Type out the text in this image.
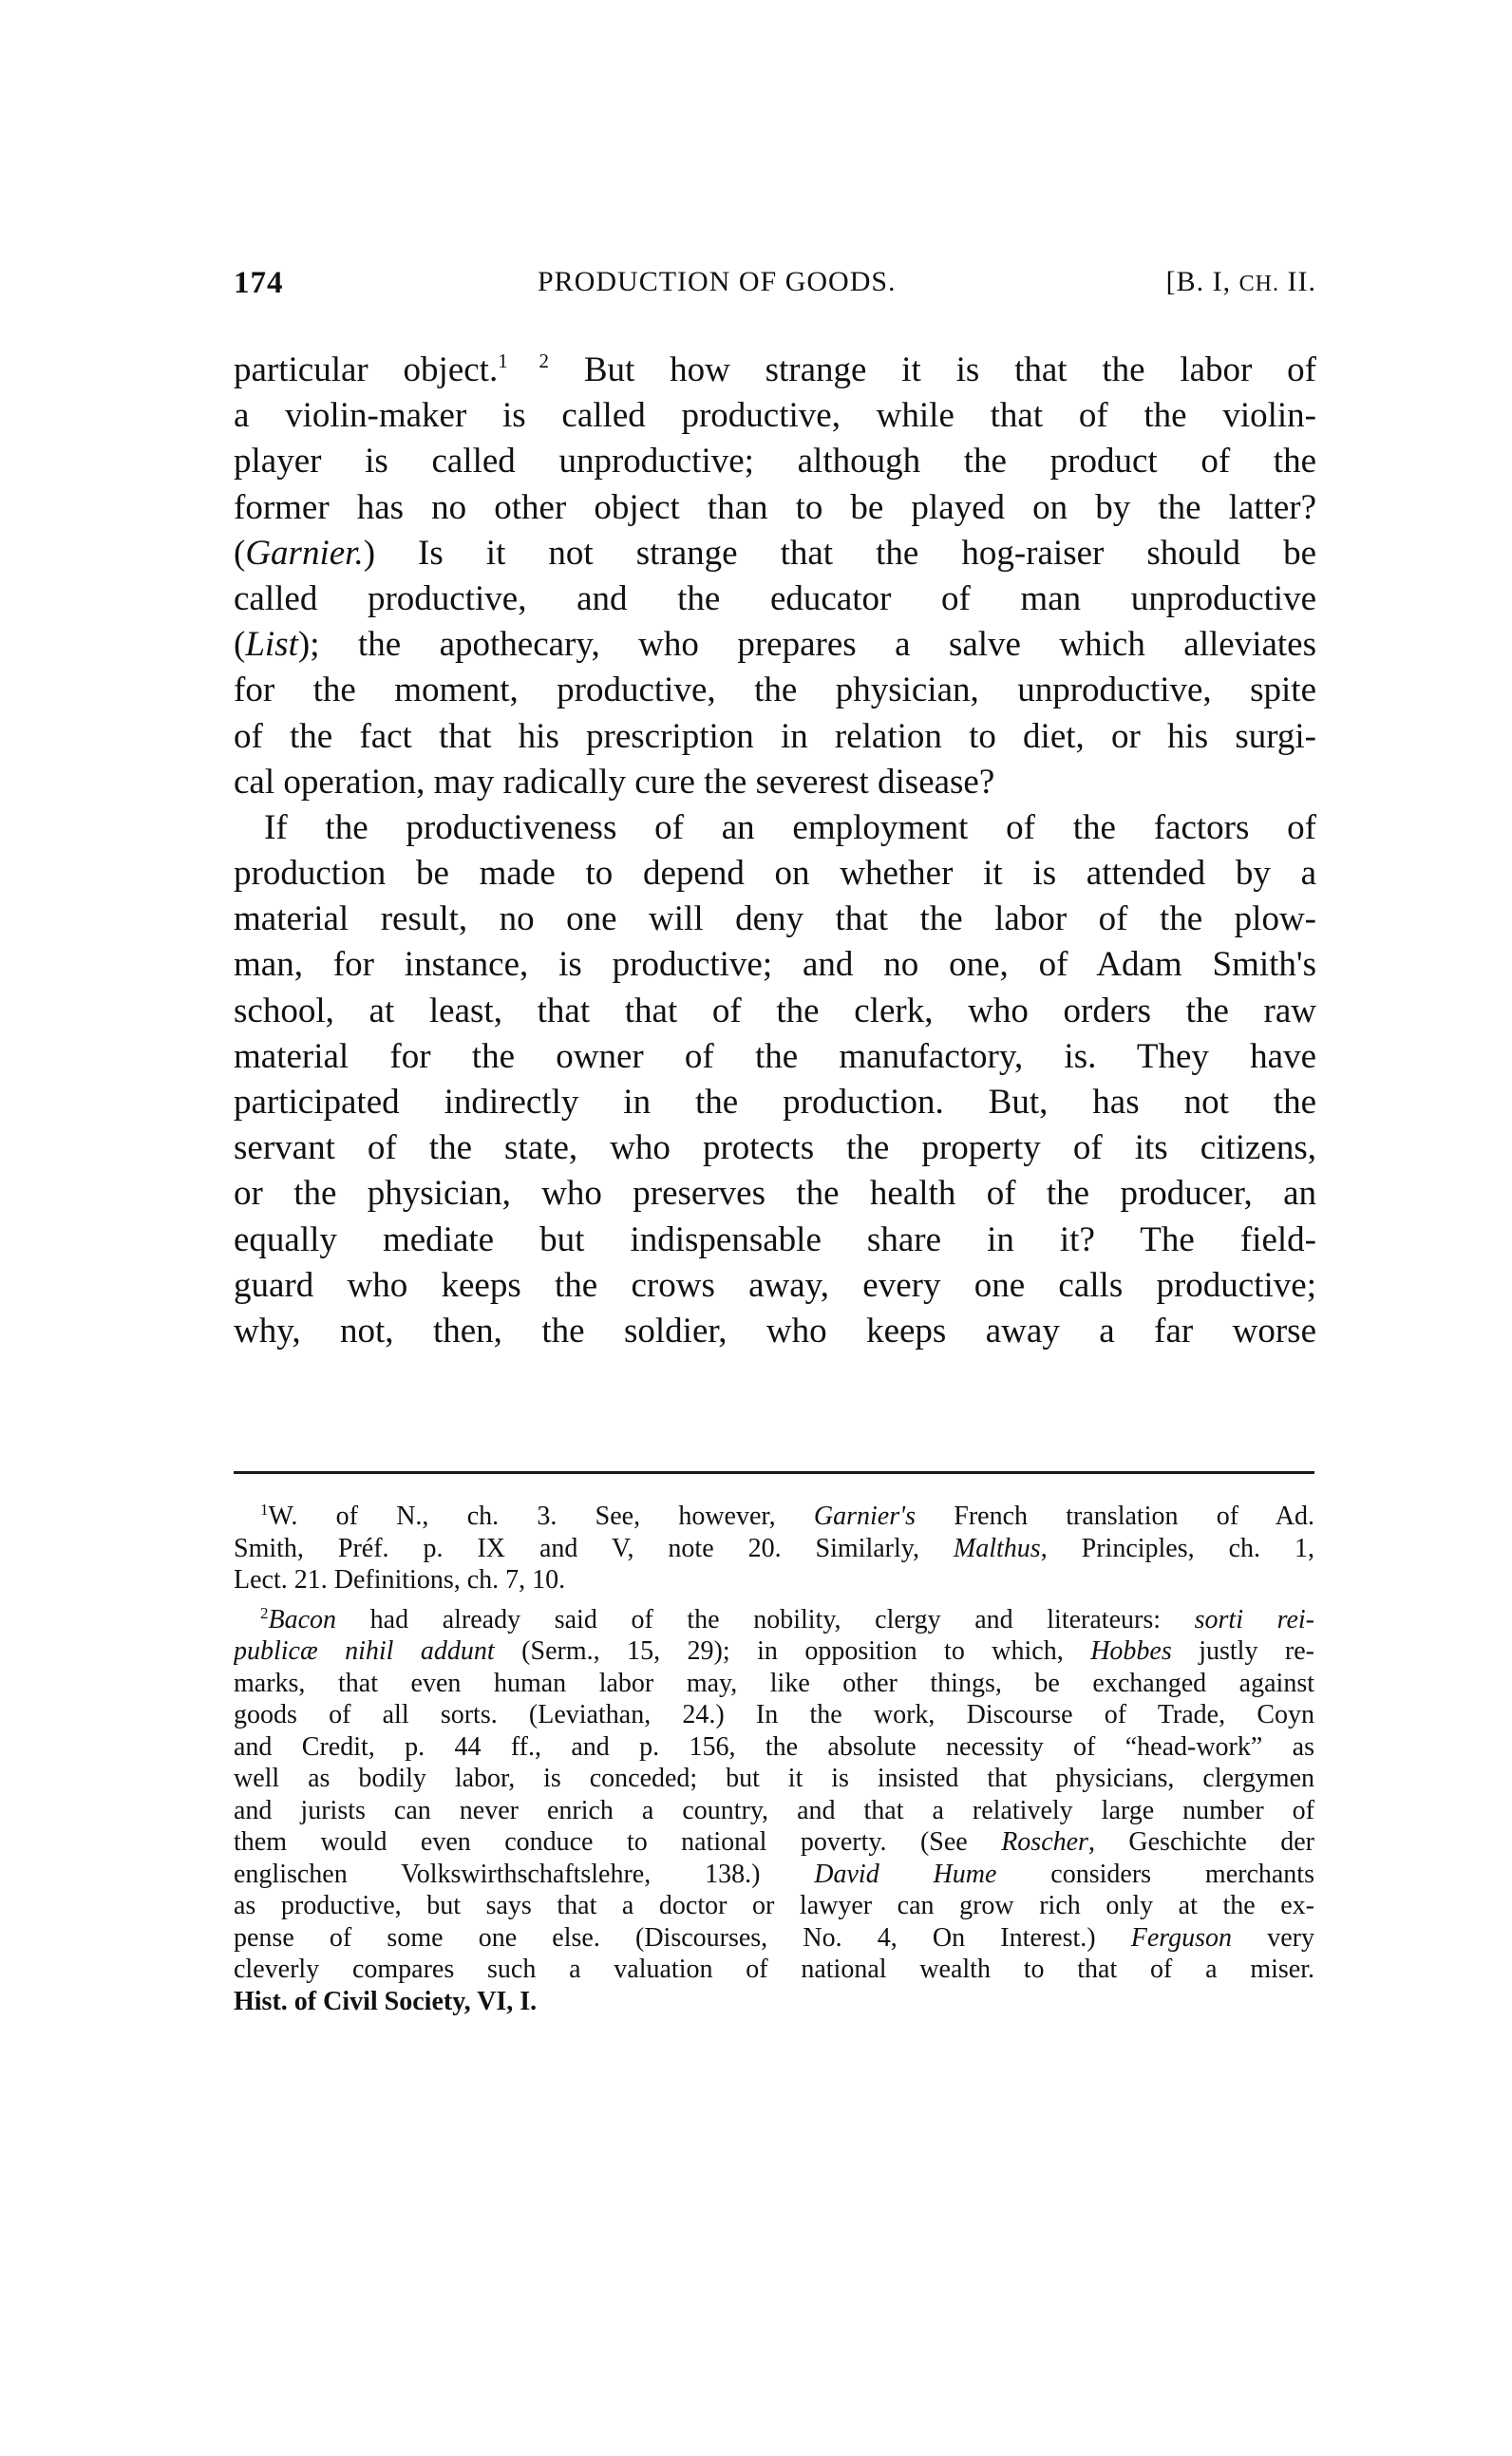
174	PRODUCTION OF GOODS.	[B. I, CH. II.
particular object.$^{1 2}$ But how strange it is that the labor of
a violin-maker is called productive, while that of the violin-
player is called unproductive; although the product of the
former has no other object than to be played on by the latter?
(Garnier.) Is it not strange that the hog-raiser should be
called productive, and the educator of man unproductive
(List); the apothecary, who prepares a salve which alleviates
for the moment, productive, the physician, unproductive, spite
of the fact that his prescription in relation to diet, or his surgi-
cal operation, may radically cure the severest disease?
If the productiveness of an employment of the factors of
production be made to depend on whether it is attended by a
material result, no one will deny that the labor of the plow-
man, for instance, is productive; and no one, of Adam Smith's
school, at least, that that of the clerk, who orders the raw
material for the owner of the manufactory, is. They have
participated indirectly in the production. But, has not the
servant of the state, who protects the property of its citizens,
or the physician, who preserves the health of the producer, an
equally mediate but indispensable share in it? The field-
guard who keeps the crows away, every one calls productive;
why, not, then, the soldier, who keeps away a far worse
$^1$W. of N., ch. 3. See, however, Garnier's French translation of Ad.
Smith, Préf. p. IX and V, note 20. Similarly, Malthus, Principles, ch. 1,
Lect. 21. Definitions, ch. 7, 10.
$^2$Bacon had already said of the nobility, clergy and literateurs: sorti rei-
publicæ nihil addunt (Serm., 15, 29); in opposition to which, Hobbes justly re-
marks, that even human labor may, like other things, be exchanged against
goods of all sorts. (Leviathan, 24.) In the work, Discourse of Trade, Coyn
and Credit, p. 44 ff., and p. 156, the absolute necessity of “head-work” as
well as bodily labor, is conceded; but it is insisted that physicians, clergymen
and jurists can never enrich a country, and that a relatively large number of
them would even conduce to national poverty. (See Roscher, Geschichte der
englischen Volkswirthschaftslehre, 138.) David Hume considers merchants
as productive, but says that a doctor or lawyer can grow rich only at the ex-
pense of some one else. (Discourses, No. 4, On Interest.) Ferguson very
cleverly compares such a valuation of national wealth to that of a miser.
Hist. of Civil Society, VI, I.
